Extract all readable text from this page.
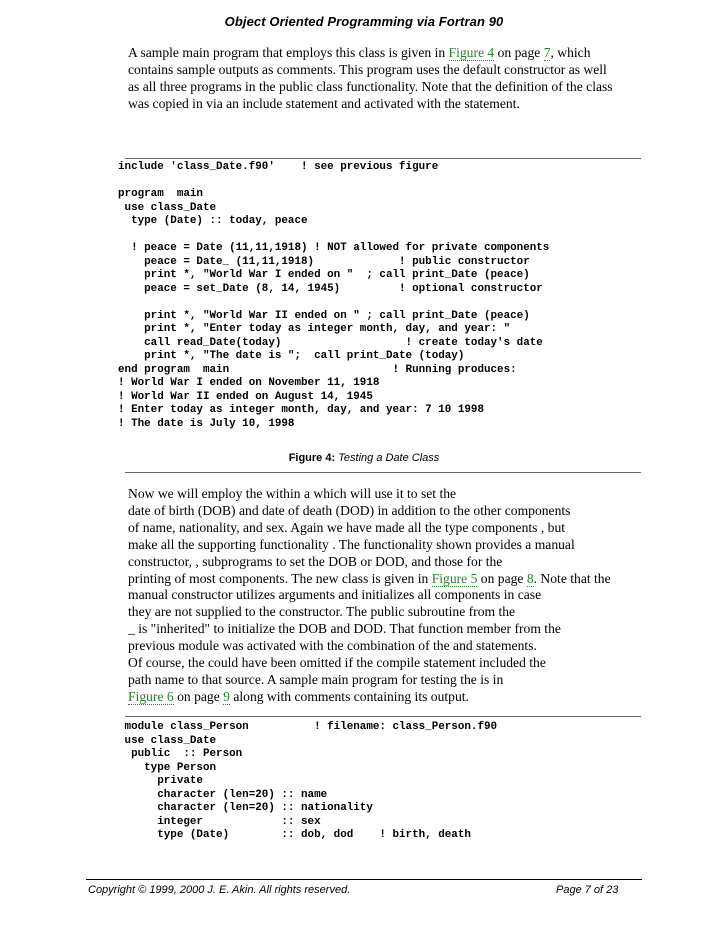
Object Oriented Programming via Fortran 90
A sample main program that employs this class is given in Figure 4 on page 7, which
contains sample outputs as comments. This program uses the default constructor as well
as all three programs in the public class functionality. Note that the definition of the class
was copied in via an include statement and activated with the statement.
include 'class_Date.f90'    ! see previous figure

program  main
use class_Date
type (Date) :: today, peace

! peace = Date (11,11,1918) ! NOT allowed for private components
peace = Date_ (11,11,1918)             ! public constructor
print *, "World War I ended on "  ; call print_Date (peace)
peace = set_Date (8, 14, 1945)         ! optional constructor

print *, "World War II ended on " ; call print_Date (peace)
print *, "Enter today as integer month, day, and year: "
call read_Date(today)                   ! create today's date
print *, "The date is ";  call print_Date (today)
end program  main                         ! Running produces:
! World War I ended on November 11, 1918
! World War II ended on August 14, 1945
! Enter today as integer month, day, and year: 7 10 1998
! The date is July 10, 1998
Figure 4: Testing a Date Class
Now we will employ the within a which will use it to set the
date of birth (DOB) and date of death (DOD) in addition to the other components
of name, nationality, and sex. Again we have made all the type components , but
make all the supporting functionality . The functionality shown provides a manual
constructor, , subprograms to set the DOB or DOD, and those for the
printing of most components. The new class is given in Figure 5 on page 8. Note that the
manual constructor utilizes arguments and initializes all components in case
they are not supplied to the constructor. The public subroutine from the
_ is "inherited" to initialize the DOB and DOD. That function member from the
previous module was activated with the combination of the and statements.
Of course, the could have been omitted if the compile statement included the
path name to that source. A sample main program for testing the is in
Figure 6 on page 9 along with comments containing its output.
module class_Person          ! filename: class_Person.f90
use class_Date
public  :: Person
type Person
private
character (len=20) :: name
character (len=20) :: nationality
integer            :: sex
type (Date)        :: dob, dod    ! birth, death
Copyright © 1999, 2000 J. E. Akin. All rights reserved.	Page 7 of 23
